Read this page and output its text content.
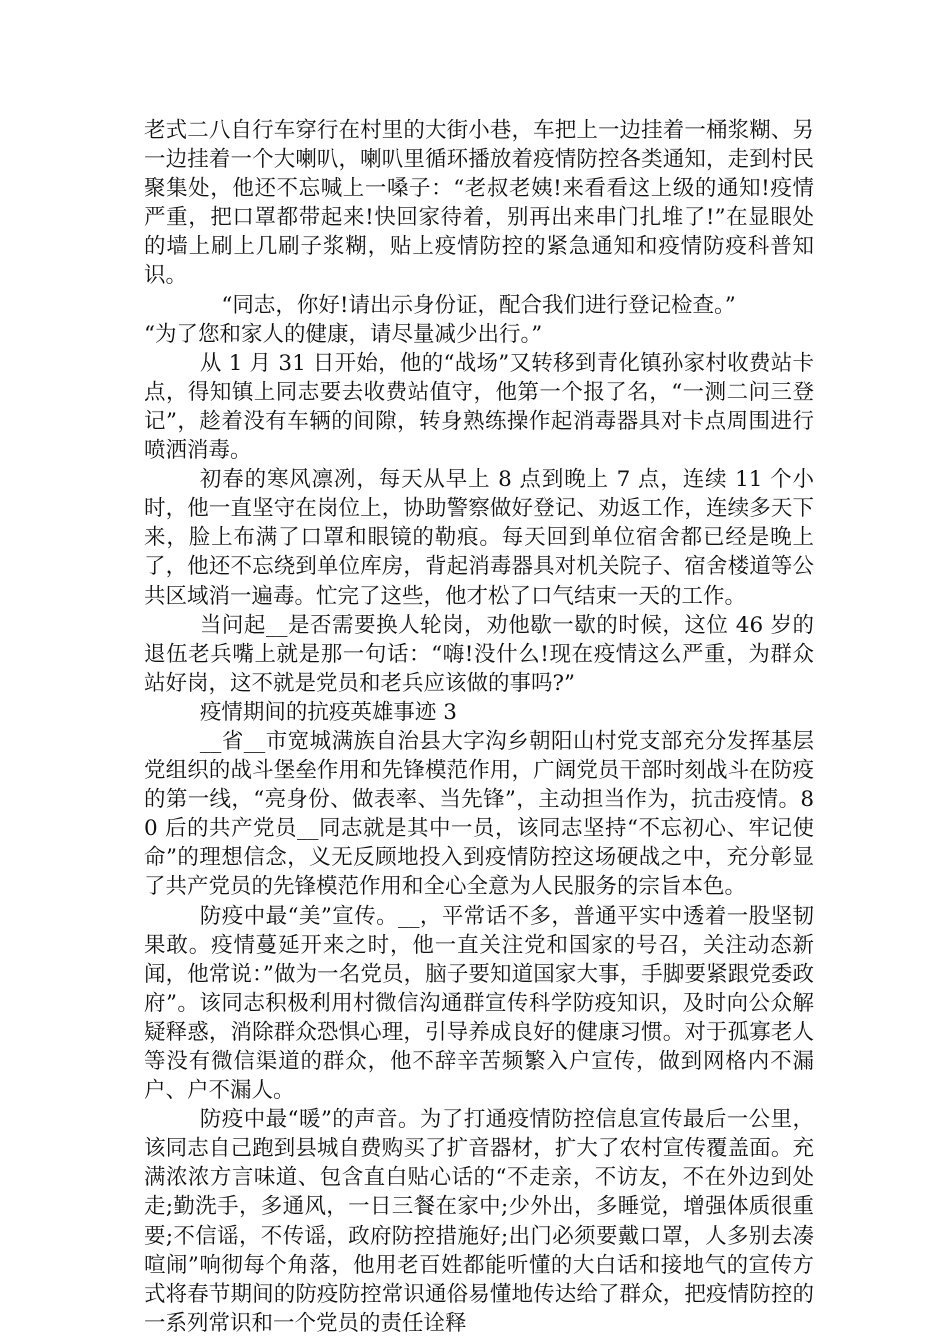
老式二八自行车穿行在村里的大街小巷，车把上一边挂着一桶浆糊、另一边挂着一个大喇叭，喇叭里循环播放着疫情防控各类通知，走到村民聚集处，他还不忘喊上一嗓子：“老叔老姨!来看看这上级的通知!疫情严重，把口罩都带起来!快回家待着，别再出来串门扎堆了!”在显眼处的墙上刷上几刷子浆糊，贴上疫情防控的紧急通知和疫情防疫科普知识。

“同志，你好!请出示身份证，配合我们进行登记检查。”

“为了您和家人的健康，请尽量减少出行。”

从 1 月 31 日开始，他的“战场”又转移到青化镇孙家村收费站卡点，得知镇上同志要去收费站值守，他第一个报了名，“一测二问三登记”，趁着没有车辆的间隙，转身熟练操作起消毒器具对卡点周围进行喷洒消毒。

初春的寒风凛冽，每天从早上 8 点到晚上 7 点，连续 11 个小时，他一直坚守在岗位上，协助警察做好登记、劝返工作，连续多天下来，脸上布满了口罩和眼镜的勒痕。每天回到单位宿舍都已经是晚上了，他还不忘绕到单位库房，背起消毒器具对机关院子、宿舍楼道等公共区域消一遍毒。忙完了这些，他才松了口气结束一天的工作。

当问起__是否需要换人轮岗，劝他歇一歇的时候，这位 46 岁的退伍老兵嘴上就是那一句话：“嗨!没什么!现在疫情这么严重，为群众站好岗，这不就是党员和老兵应该做的事吗?”

疫情期间的抗疫英雄事迹 3

__省__市宽城满族自治县大字沟乡朝阳山村党支部充分发挥基层党组织的战斗堡垒作用和先锋模范作用，广阔党员干部时刻战斗在防疫的第一线，“亮身份、做表率、当先锋”，主动担当作为，抗击疫情。80 后的共产党员__同志就是其中一员，该同志坚持“不忘初心、牢记使命”的理想信念，义无反顾地投入到疫情防控这场硬战之中，充分彰显了共产党员的先锋模范作用和全心全意为人民服务的宗旨本色。

防疫中最“美”宣传。__，平常话不多，普通平实中透着一股坚韧果敢。疫情蔓延开来之时，他一直关注党和国家的号召，关注动态新闻，他常说：”做为一名党员，脑子要知道国家大事，手脚要紧跟党委政府”。该同志积极利用村微信沟通群宣传科学防疫知识，及时向公众解疑释惑，消除群众恐惧心理，引导养成良好的健康习惯。对于孤寡老人等没有微信渠道的群众，他不辞辛苦频繁入户宣传，做到网格内不漏户、户不漏人。

防疫中最“暖”的声音。为了打通疫情防控信息宣传最后一公里，该同志自己跑到县城自费购买了扩音器材，扩大了农村宣传覆盖面。充满浓浓方言味道、包含直白贴心话的“不走亲，不访友，不在外边到处走;勤洗手，多通风，一日三餐在家中;少外出，多睡觉，增强体质很重要;不信谣，不传谣，政府防控措施好;出门必须要戴口罩，人多别去凑喧闹”响彻每个角落，他用老百姓都能听懂的大白话和接地气的宣传方式将春节期间的防疫防控常识通俗易懂地传达给了群众，把疫情防控的一系列常识和一个党员的责任诠释
